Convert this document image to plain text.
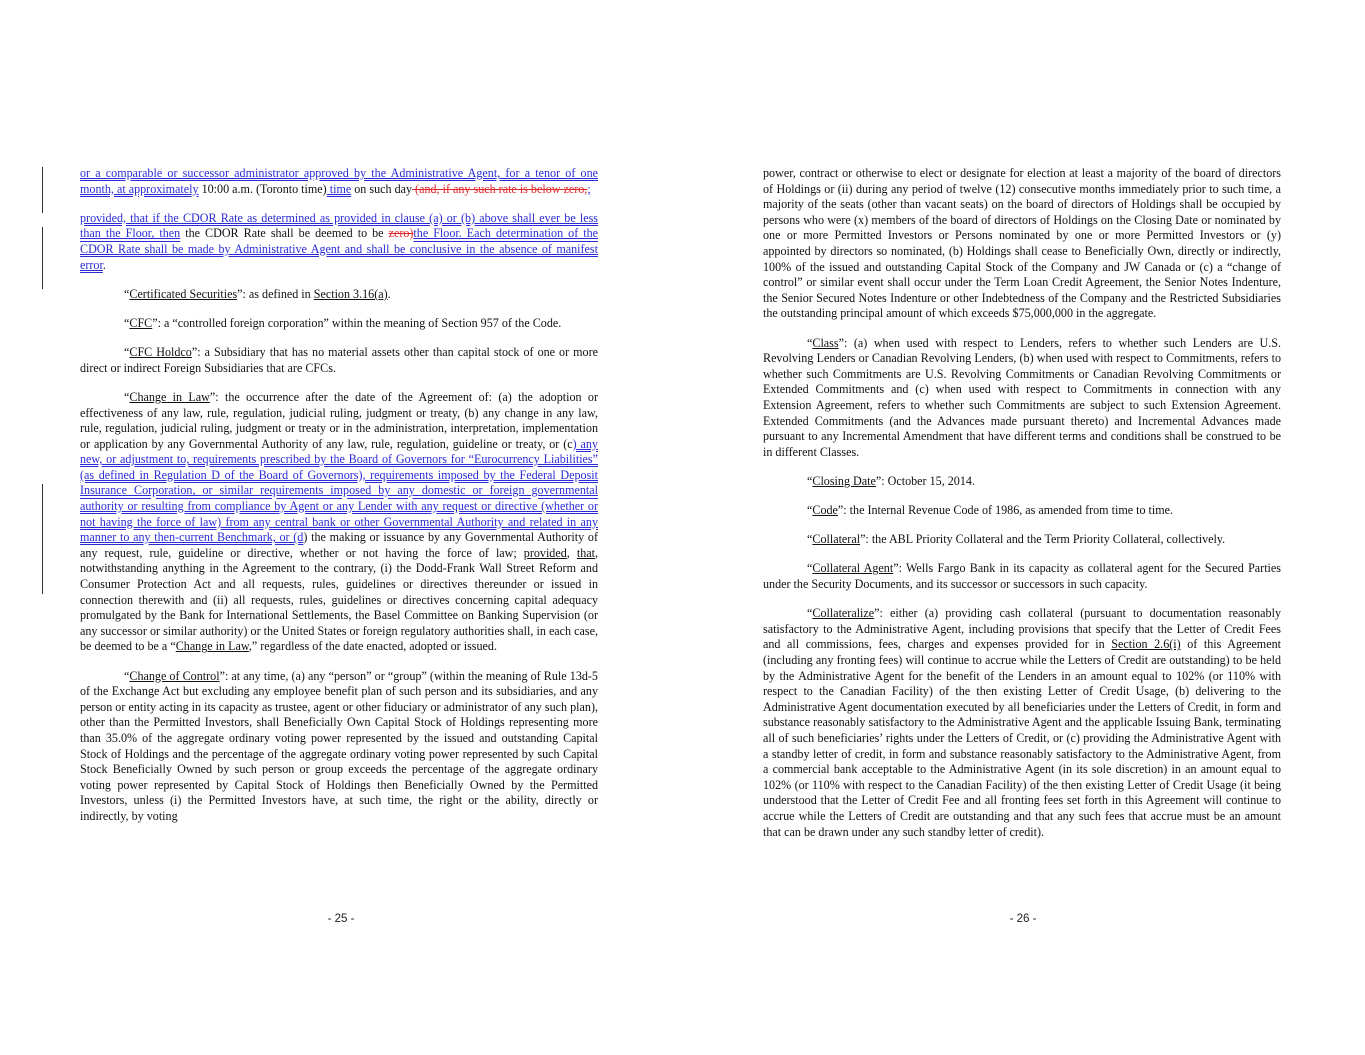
or a comparable or successor administrator approved by the Administrative Agent, for a tenor of one month, at approximately 10:00 a.m. (Toronto time) time on such day (and, if any such rate is below zero,;

provided, that if the CDOR Rate as determined as provided in clause (a) or (b) above shall ever be less than the Floor, then the CDOR Rate shall be deemed to be zero)the Floor. Each determination of the CDOR Rate shall be made by Administrative Agent and shall be conclusive in the absence of manifest error.

“Certificated Securities”: as defined in Section 3.16(a).

“CFC”: a “controlled foreign corporation” within the meaning of Section 957 of the Code.

“CFC Holdco”: a Subsidiary that has no material assets other than capital stock of one or more direct or indirect Foreign Subsidiaries that are CFCs.

“Change in Law”: the occurrence after the date of the Agreement of: (a) the adoption or effectiveness of any law, rule, regulation, judicial ruling, judgment or treaty, (b) any change in any law, rule, regulation, judicial ruling, judgment or treaty or in the administration, interpretation, implementation or application by any Governmental Authority of any law, rule, regulation, guideline or treaty, or (c) any new, or adjustment to, requirements prescribed by the Board of Governors for “Eurocurrency Liabilities” (as defined in Regulation D of the Board of Governors), requirements imposed by the Federal Deposit Insurance Corporation, or similar requirements imposed by any domestic or foreign governmental authority or resulting from compliance by Agent or any Lender with any request or directive (whether or not having the force of law) from any central bank or other Governmental Authority and related in any manner to any then-current Benchmark, or (d) the making or issuance by any Governmental Authority of any request, rule, guideline or directive, whether or not having the force of law; provided, that, notwithstanding anything in the Agreement to the contrary, (i) the Dodd-Frank Wall Street Reform and Consumer Protection Act and all requests, rules, guidelines or directives thereunder or issued in connection therewith and (ii) all requests, rules, guidelines or directives concerning capital adequacy promulgated by the Bank for International Settlements, the Basel Committee on Banking Supervision (or any successor or similar authority) or the United States or foreign regulatory authorities shall, in each case, be deemed to be a “Change in Law,” regardless of the date enacted, adopted or issued.

“Change of Control”: at any time, (a) any “person” or “group” (within the meaning of Rule 13d-5 of the Exchange Act but excluding any employee benefit plan of such person and its subsidiaries, and any person or entity acting in its capacity as trustee, agent or other fiduciary or administrator of any such plan), other than the Permitted Investors, shall Beneficially Own Capital Stock of Holdings representing more than 35.0% of the aggregate ordinary voting power represented by the issued and outstanding Capital Stock of Holdings and the percentage of the aggregate ordinary voting power represented by such Capital Stock Beneficially Owned by such person or group exceeds the percentage of the aggregate ordinary voting power represented by Capital Stock of Holdings then Beneficially Owned by the Permitted Investors, unless (i) the Permitted Investors have, at such time, the right or the ability, directly or indirectly, by voting

power, contract or otherwise to elect or designate for election at least a majority of the board of directors of Holdings or (ii) during any period of twelve (12) consecutive months immediately prior to such time, a majority of the seats (other than vacant seats) on the board of directors of Holdings shall be occupied by persons who were (x) members of the board of directors of Holdings on the Closing Date or nominated by one or more Permitted Investors or Persons nominated by one or more Permitted Investors or (y) appointed by directors so nominated, (b) Holdings shall cease to Beneficially Own, directly or indirectly, 100% of the issued and outstanding Capital Stock of the Company and JW Canada or (c) a “change of control” or similar event shall occur under the Term Loan Credit Agreement, the Senior Notes Indenture, the Senior Secured Notes Indenture or other Indebtedness of the Company and the Restricted Subsidiaries the outstanding principal amount of which exceeds $75,000,000 in the aggregate.

“Class”: (a) when used with respect to Lenders, refers to whether such Lenders are U.S. Revolving Lenders or Canadian Revolving Lenders, (b) when used with respect to Commitments, refers to whether such Commitments are U.S. Revolving Commitments or Canadian Revolving Commitments or Extended Commitments and (c) when used with respect to Commitments in connection with any Extension Agreement, refers to whether such Commitments are subject to such Extension Agreement. Extended Commitments (and the Advances made pursuant thereto) and Incremental Advances made pursuant to any Incremental Amendment that have different terms and conditions shall be construed to be in different Classes.

“Closing Date”: October 15, 2014.

“Code”: the Internal Revenue Code of 1986, as amended from time to time.

“Collateral”: the ABL Priority Collateral and the Term Priority Collateral, collectively.

“Collateral Agent”: Wells Fargo Bank in its capacity as collateral agent for the Secured Parties under the Security Documents, and its successor or successors in such capacity.

“Collateralize”: either (a) providing cash collateral (pursuant to documentation reasonably satisfactory to the Administrative Agent, including provisions that specify that the Letter of Credit Fees and all commissions, fees, charges and expenses provided for in Section 2.6(i) of this Agreement (including any fronting fees) will continue to accrue while the Letters of Credit are outstanding) to be held by the Administrative Agent for the benefit of the Lenders in an amount equal to 102% (or 110% with respect to the Canadian Facility) of the then existing Letter of Credit Usage, (b) delivering to the Administrative Agent documentation executed by all beneficiaries under the Letters of Credit, in form and substance reasonably satisfactory to the Administrative Agent and the applicable Issuing Bank, terminating all of such beneficiaries’ rights under the Letters of Credit, or (c) providing the Administrative Agent with a standby letter of credit, in form and substance reasonably satisfactory to the Administrative Agent, from a commercial bank acceptable to the Administrative Agent (in its sole discretion) in an amount equal to 102% (or 110% with respect to the Canadian Facility) of the then existing Letter of Credit Usage (it being understood that the Letter of Credit Fee and all fronting fees set forth in this Agreement will continue to accrue while the Letters of Credit are outstanding and that any such fees that accrue must be an amount that can be drawn under any such standby letter of credit).

- 25 -	- 26 -
